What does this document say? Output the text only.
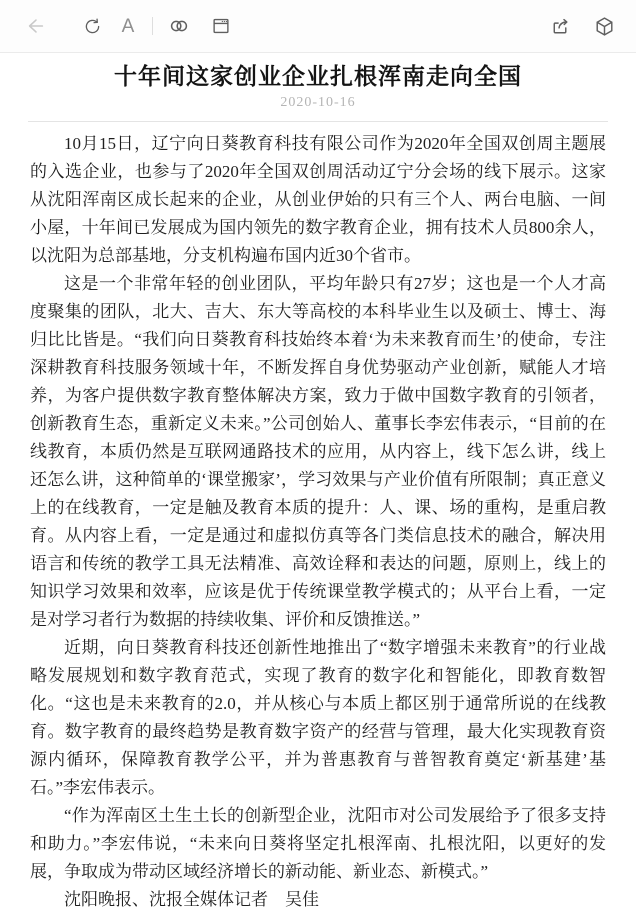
A
十年间这家创业企业扎根浑南走向全国
2020-10-16

10月15日，辽宁向日葵教育科技有限公司作为2020年全国双创周主题展的入选企业，也参与了2020年全国双创周活动辽宁分会场的线下展示。这家从沈阳浑南区成长起来的企业，从创业伊始的只有三个人、两台电脑、一间小屋，十年间已发展成为国内领先的数字教育企业，拥有技术人员800余人，以沈阳为总部基地，分支机构遍布国内近30个省市。

这是一个非常年轻的创业团队，平均年龄只有27岁；这也是一个人才高度聚集的团队，北大、吉大、东大等高校的本科毕业生以及硕士、博士、海归比比皆是。“我们向日葵教育科技始终本着‘为未来教育而生’的使命，专注深耕教育科技服务领域十年，不断发挥自身优势驱动产业创新，赋能人才培养，为客户提供数字教育整体解决方案，致力于做中国数字教育的引领者，创新教育生态，重新定义未来。”公司创始人、董事长李宏伟表示，“目前的在线教育，本质仍然是互联网通路技术的应用，从内容上，线下怎么讲，线上还怎么讲，这种简单的‘课堂搬家’，学习效果与产业价值有所限制；真正意义上的在线教育，一定是触及教育本质的提升：人、课、场的重构，是重启教育。从内容上看，一定是通过和虚拟仿真等各门类信息技术的融合，解决用语言和传统的教学工具无法精准、高效诠释和表达的问题，原则上，线上的知识学习效果和效率，应该是优于传统课堂教学模式的；从平台上看，一定是对学习者行为数据的持续收集、评价和反馈推送。”

近期，向日葵教育科技还创新性地推出了“数字增强未来教育”的行业战略发展规划和数字教育范式，实现了教育的数字化和智能化，即教育数智化。“这也是未来教育的2.0，并从核心与本质上都区别于通常所说的在线教育。数字教育的最终趋势是教育数字资产的经营与管理，最大化实现教育资源内循环，保障教育教学公平，并为普惠教育与普智教育奠定‘新基建’基石。”李宏伟表示。

“作为浑南区土生土长的创新型企业，沈阳市对公司发展给予了很多支持和助力。”李宏伟说，“未来向日葵将坚定扎根浑南、扎根沈阳，以更好的发展，争取成为带动区域经济增长的新动能、新业态、新模式。”

沈阳晚报、沈报全媒体记者　吴佳
